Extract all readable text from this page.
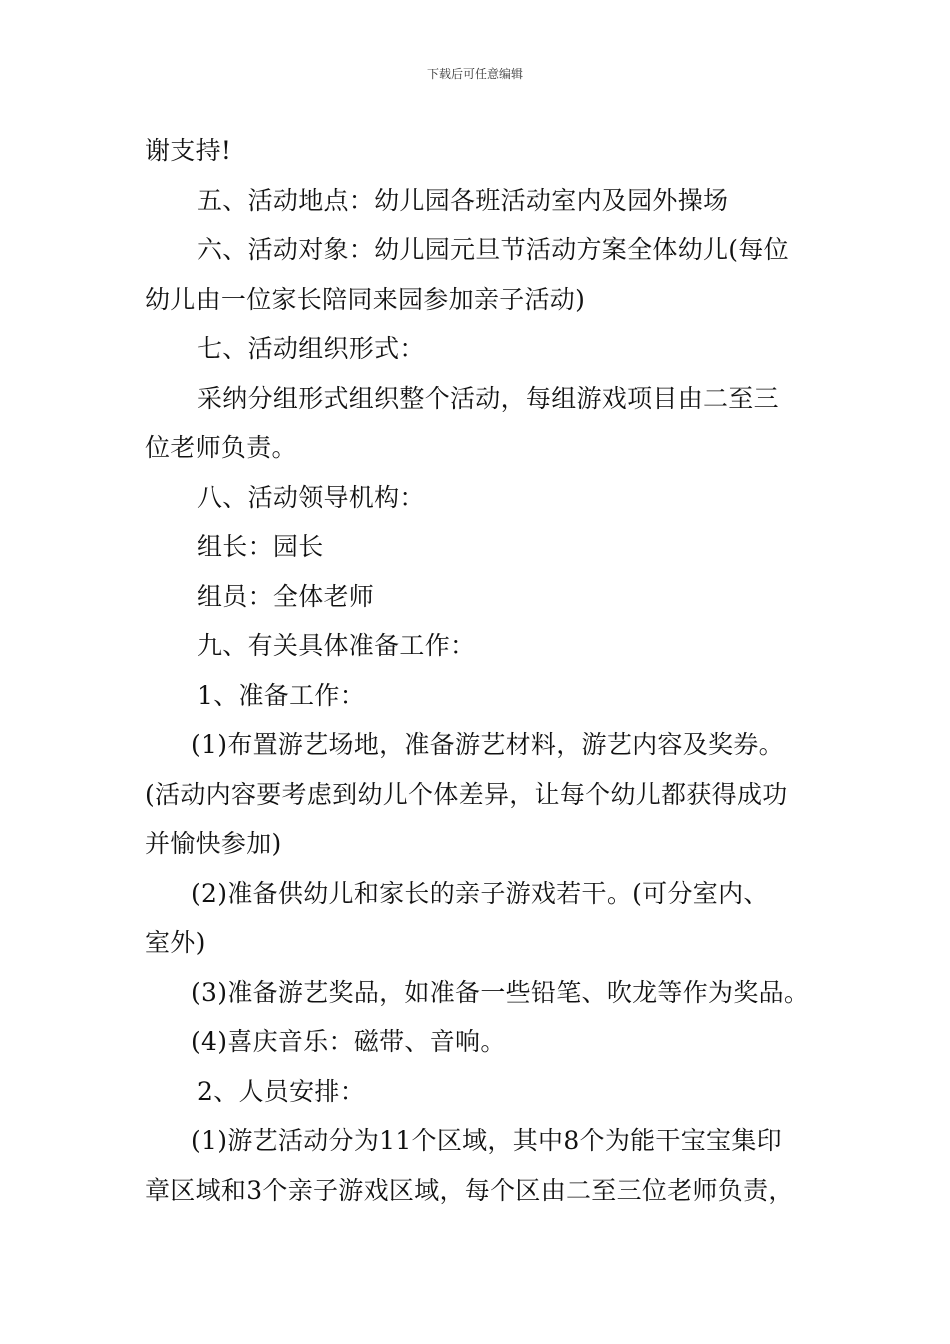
下载后可任意编辑

谢支持!

五、活动地点：幼儿园各班活动室内及园外操场

六、活动对象：幼儿园元旦节活动方案全体幼儿(每位

幼儿由一位家长陪同来园参加亲子活动)

七、活动组织形式：

采纳分组形式组织整个活动，每组游戏项目由二至三

位老师负责。

八、活动领导机构：

组长：园长

组员：全体老师

九、有关具体准备工作：

1、准备工作：

(1)布置游艺场地，准备游艺材料，游艺内容及奖券。

(活动内容要考虑到幼儿个体差异，让每个幼儿都获得成功

并愉快参加)

(2)准备供幼儿和家长的亲子游戏若干。(可分室内、

室外)

(3)准备游艺奖品，如准备一些铅笔、吹龙等作为奖品。

(4)喜庆音乐：磁带、音响。

2、人员安排：

(1)游艺活动分为11个区域，其中8个为能干宝宝集印

章区域和3个亲子游戏区域，每个区由二至三位老师负责，
